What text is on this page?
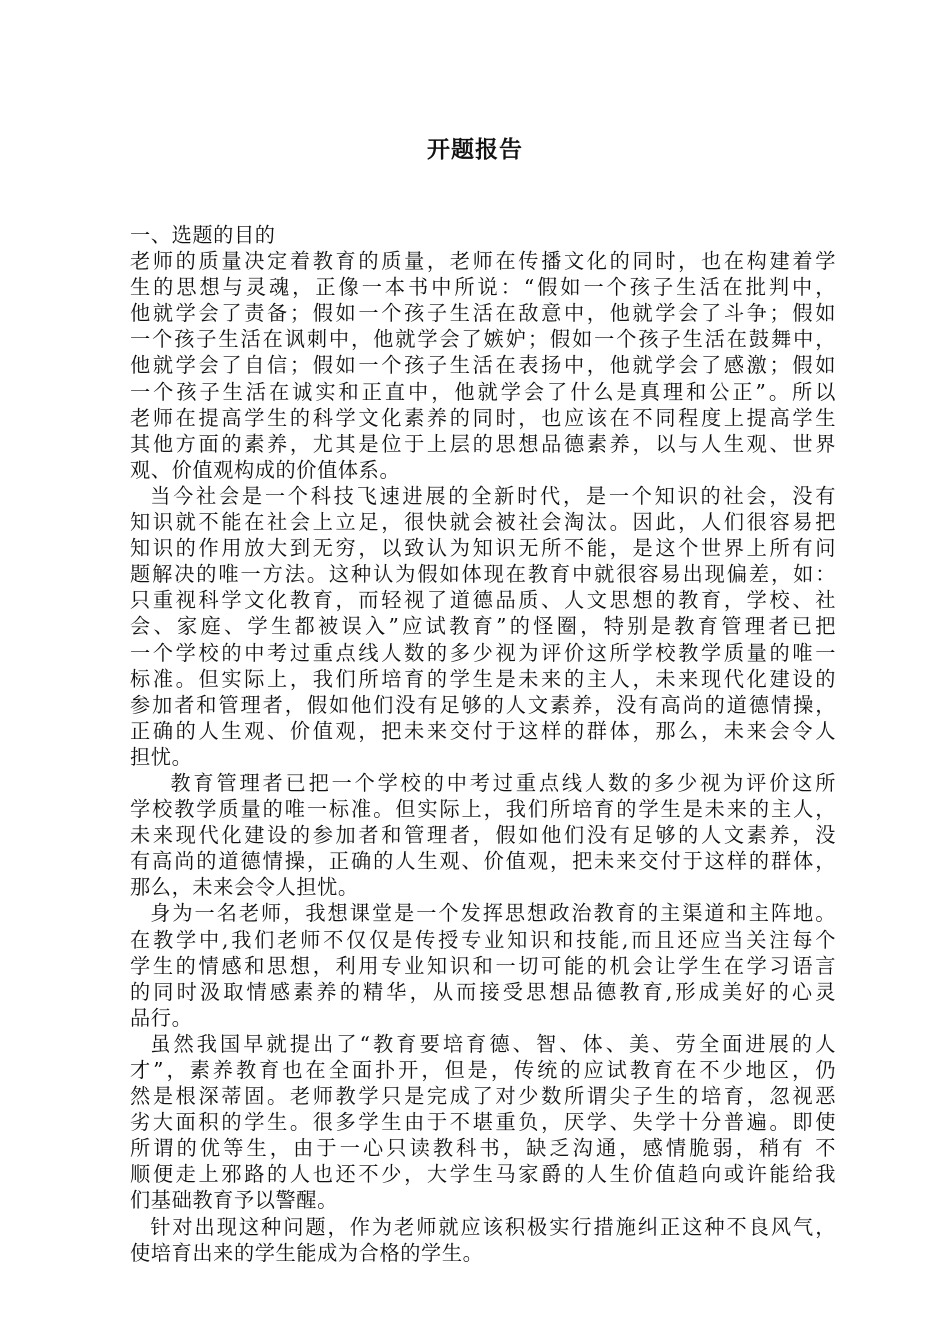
开题报告
一、选题的目的
老师的质量决定着教育的质量，老师在传播文化的同时，也在构建着学
生的思想与灵魂，正像一本书中所说：“假如一个孩子生活在批判中，
他就学会了责备；假如一个孩子生活在敌意中，他就学会了斗争；假如
一个孩子生活在讽刺中，他就学会了嫉妒；假如一个孩子生活在鼓舞中，
他就学会了自信；假如一个孩子生活在表扬中，他就学会了感激；假如
一个孩子生活在诚实和正直中，他就学会了什么是真理和公正”。所以
老师在提高学生的科学文化素养的同时，也应该在不同程度上提高学生
其他方面的素养，尤其是位于上层的思想品德素养，以与人生观、世界
观、价值观构成的价值体系。
当今社会是一个科技飞速进展的全新时代，是一个知识的社会，没有
知识就不能在社会上立足，很快就会被社会淘汰。因此，人们很容易把
知识的作用放大到无穷，以致认为知识无所不能，是这个世界上所有问
题解决的唯一方法。这种认为假如体现在教育中就很容易出现偏差，如：
只重视科学文化教育，而轻视了道德品质、人文思想的教育，学校、社
会、家庭、学生都被误入”应试教育”的怪圈，特别是教育管理者已把
一个学校的中考过重点线人数的多少视为评价这所学校教学质量的唯一
标准。但实际上，我们所培育的学生是未来的主人，未来现代化建设的
参加者和管理者，假如他们没有足够的人文素养，没有高尚的道德情操，
正确的人生观、价值观，把未来交付于这样的群体，那么，未来会令人
担忧。
教育管理者已把一个学校的中考过重点线人数的多少视为评价这所
学校教学质量的唯一标准。但实际上，我们所培育的学生是未来的主人，
未来现代化建设的参加者和管理者，假如他们没有足够的人文素养，没
有高尚的道德情操，正确的人生观、价值观，把未来交付于这样的群体，
那么，未来会令人担忧。
身为一名老师，我想课堂是一个发挥思想政治教育的主渠道和主阵地。
在教学中,我们老师不仅仅是传授专业知识和技能,而且还应当关注每个
学生的情感和思想，利用专业知识和一切可能的机会让学生在学习语言
的同时汲取情感素养的精华，从而接受思想品德教育,形成美好的心灵
品行。
虽然我国早就提出了“教育要培育德、智、体、美、劳全面进展的人
才”，素养教育也在全面扑开，但是，传统的应试教育在不少地区，仍
然是根深蒂固。老师教学只是完成了对少数所谓尖子生的培育，忽视恶
劣大面积的学生。很多学生由于不堪重负，厌学、失学十分普遍。即使
所谓的优等生，由于一心只读教科书，缺乏沟通，感情脆弱，稍有 不
顺便走上邪路的人也还不少，大学生马家爵的人生价值趋向或许能给我
们基础教育予以警醒。
针对出现这种问题，作为老师就应该积极实行措施纠正这种不良风气，
使培育出来的学生能成为合格的学生。
